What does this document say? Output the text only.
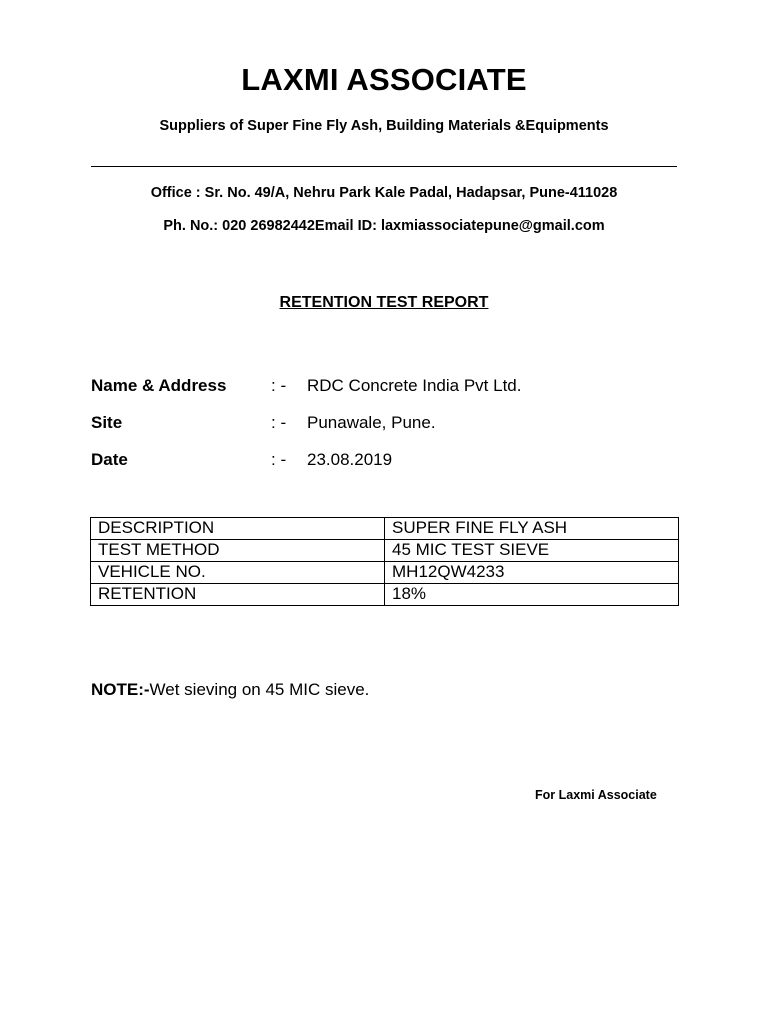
LAXMI ASSOCIATE
Suppliers of Super Fine Fly Ash, Building Materials &Equipments
Office : Sr. No. 49/A, Nehru Park Kale Padal, Hadapsar, Pune-411028
Ph. No.: 020 26982442Email ID: laxmiassociatepune@gmail.com
RETENTION TEST REPORT
Name & Address	: - RDC Concrete India Pvt Ltd.
Site	: - Punawale, Pune.
Date	: - 23.08.2019
DESCRIPTION	SUPER FINE FLY ASH
TEST METHOD	45 MIC TEST SIEVE
VEHICLE NO.	MH12QW4233
RETENTION	18%
NOTE:-Wet sieving on 45 MIC sieve.
For Laxmi Associate
